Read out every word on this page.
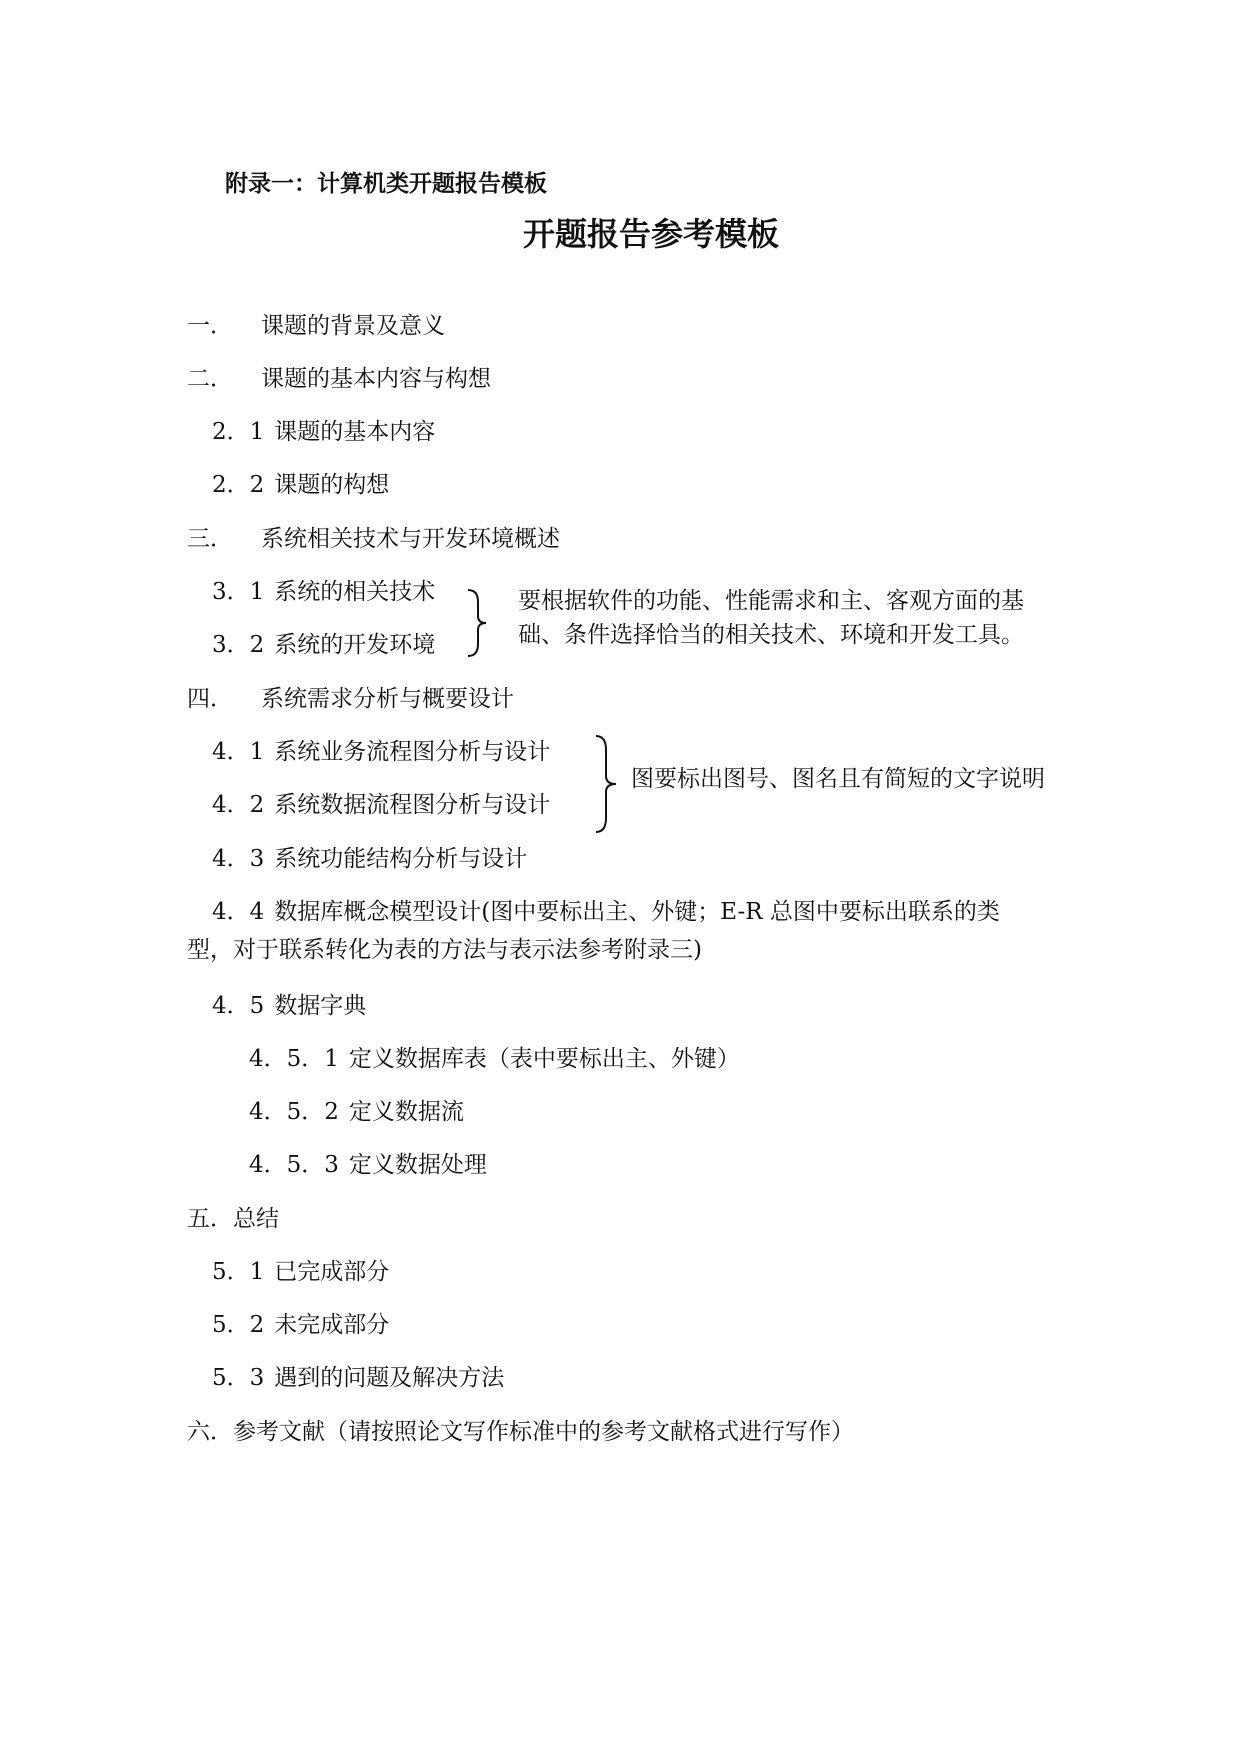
附录一：计算机类开题报告模板
开题报告参考模板
一． 课题的背景及意义
二． 课题的基本内容与构想
2．1 课题的基本内容
2．2 课题的构想
三． 系统相关技术与开发环境概述
3．1 系统的相关技术
3．2 系统的开发环境
要根据软件的功能、性能需求和主、客观方面的基
础、条件选择恰当的相关技术、环境和开发工具。
四． 系统需求分析与概要设计
4．1 系统业务流程图分析与设计
4．2 系统数据流程图分析与设计
图要标出图号、图名且有简短的文字说明
4．3 系统功能结构分析与设计
4．4 数据库概念模型设计(图中要标出主、外键；E-R 总图中要标出联系的类
型，对于联系转化为表的方法与表示法参考附录三)
4．5 数据字典
4．5．1 定义数据库表（表中要标出主、外键）
4．5．2 定义数据流
4．5．3 定义数据处理
五．总结
5．1 已完成部分
5．2 未完成部分
5．3 遇到的问题及解决方法
六．参考文献（请按照论文写作标准中的参考文献格式进行写作）
